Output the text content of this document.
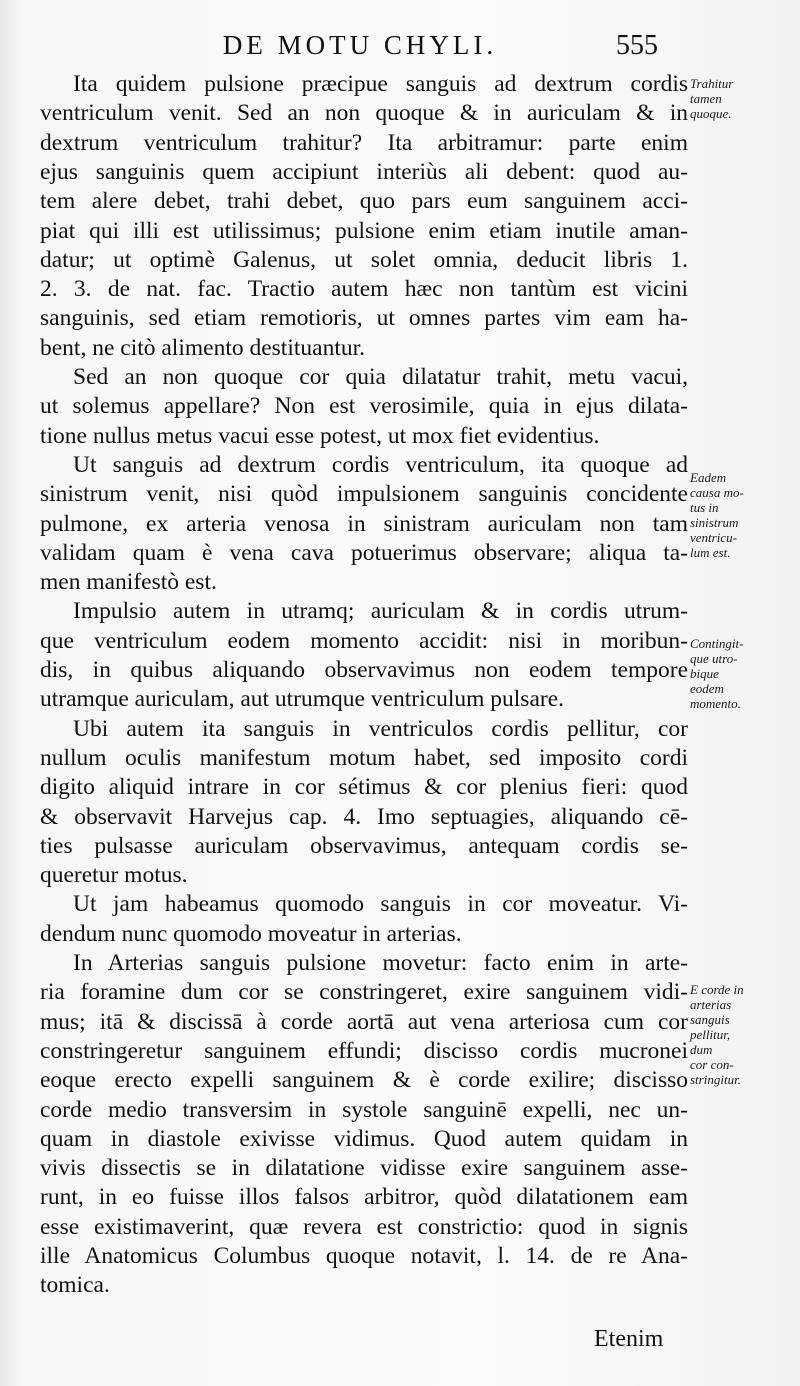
DE MOTU CHYLI.	555
Ita quidem pulsione præcipue sanguis ad dextrum cordis
ventriculum venit. Sed an non quoque & in auriculam & in
dextrum ventriculum trahitur? Ita arbitramur: parte enim
ejus sanguinis quem accipiunt interiùs ali debent: quod au-
tem alere debet, trahi debet, quo pars eum sanguinem acci-
piat qui illi est utilissimus; pulsione enim etiam inutile aman-
datur; ut optimè Galenus, ut solet omnia, deducit libris 1.
2. 3. de nat. fac. Tractio autem hæc non tantùm est vicini
sanguinis, sed etiam remotioris, ut omnes partes vim eam ha-
bent, ne citò alimento destituantur.
Sed an non quoque cor quia dilatatur trahit, metu vacui,
ut solemus appellare? Non est verosimile, quia in ejus dilata-
tione nullus metus vacui esse potest, ut mox fiet evidentius.
Ut sanguis ad dextrum cordis ventriculum, ita quoque ad
sinistrum venit, nisi quòd impulsionem sanguinis concidente
pulmone, ex arteria venosa in sinistram auriculam non tam
validam quam è vena cava potuerimus observare; aliqua ta-
men manifestò est.
Impulsio autem in utramq; auriculam & in cordis utrum-
que ventriculum eodem momento accidit: nisi in moribun-
dis, in quibus aliquando observavimus non eodem tempore
utramque auriculam, aut utrumque ventriculum pulsare.
Ubi autem ita sanguis in ventriculos cordis pellitur, cor
nullum oculis manifestum motum habet, sed imposito cordi
digito aliquid intrare in cor sétimus & cor plenius fieri: quod
& observavit Harvejus cap. 4. Imo septuagies, aliquando cē-
ties pulsasse auriculam observavimus, antequam cordis se-
queretur motus.
Ut jam habeamus quomodo sanguis in cor moveatur. Vi-
dendum nunc quomodo moveatur in arterias.
In Arterias sanguis pulsione movetur: facto enim in arte-
ria foramine dum cor se constringeret, exire sanguinem vidi-
mus; itā & discissā à corde aortā aut vena arteriosa cum cor
constringeretur sanguinem effundi; discisso cordis mucronei
eoque erecto expelli sanguinem & è corde exilire; discisso
corde medio transversim in systole sanguinē expelli, nec un-
quam in diastole exivisse vidimus. Quod autem quidam in
vivis dissectis se in dilatatione vidisse exire sanguinem asse-
runt, in eo fuisse illos falsos arbitror, quòd dilatationem eam
esse existimaverint, quæ revera est constrictio: quod in signis
ille Anatomicus Columbus quoque notavit, l. 14. de re Ana-
tomica.
Trahitur
tamen
quoque.
Eadem
causa mo-
tus in
sinistrum
ventricu-
lum est.
Contingit-
que utro-
bique
eodem
momento.
E corde in
arterias
sanguis
pellitur,
dum
cor con-
stringitur.
Etenim
